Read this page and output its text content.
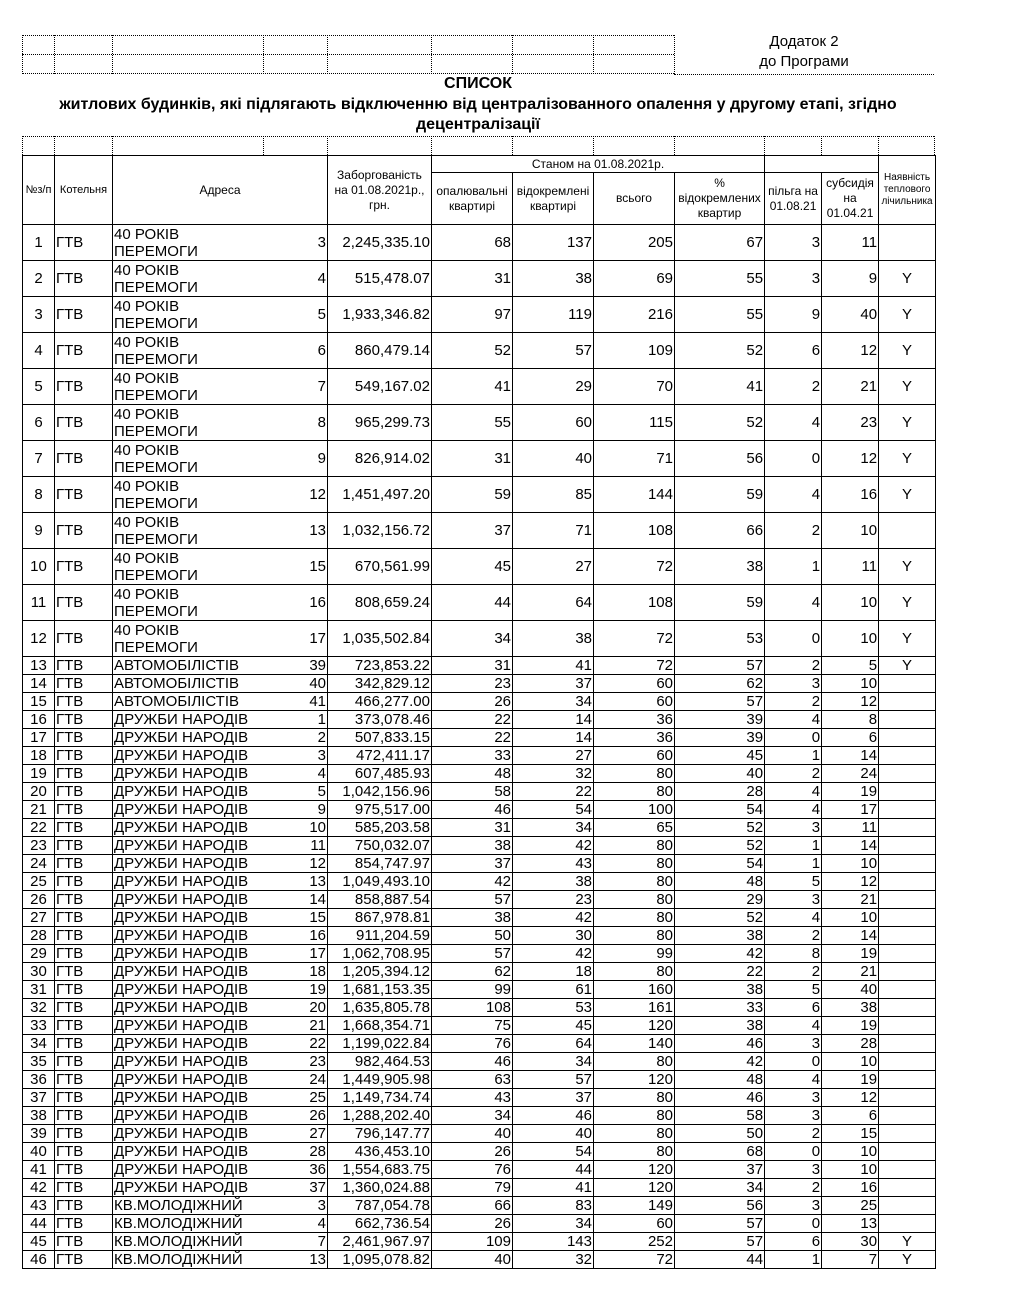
Додаток 2
до Програми
СПИСОК
житлових будинків, які підлягають відключенню від централізованного опалення у другому етапі, згідно
децентралізації
№з/п	Котельня	Адреса		Заборгованість на 01.08.2021р., грн.	Станом на 01.08.2021р.						Наявність теплового лічильника
					опалювальні квартирі	відокремлені квартирі	всього	% відокремлених квартир	пільга на 01.08.21	субсидія на 01.04.21	
1	ГТВ	40 РОКІВ ПЕРЕМОГИ	3	2,245,335.10	68	137	205	67	3	11	
2	ГТВ	40 РОКІВ ПЕРЕМОГИ	4	515,478.07	31	38	69	55	3	9	Y
3	ГТВ	40 РОКІВ ПЕРЕМОГИ	5	1,933,346.82	97	119	216	55	9	40	Y
4	ГТВ	40 РОКІВ ПЕРЕМОГИ	6	860,479.14	52	57	109	52	6	12	Y
5	ГТВ	40 РОКІВ ПЕРЕМОГИ	7	549,167.02	41	29	70	41	2	21	Y
6	ГТВ	40 РОКІВ ПЕРЕМОГИ	8	965,299.73	55	60	115	52	4	23	Y
7	ГТВ	40 РОКІВ ПЕРЕМОГИ	9	826,914.02	31	40	71	56	0	12	Y
8	ГТВ	40 РОКІВ ПЕРЕМОГИ	12	1,451,497.20	59	85	144	59	4	16	Y
9	ГТВ	40 РОКІВ ПЕРЕМОГИ	13	1,032,156.72	37	71	108	66	2	10	
10	ГТВ	40 РОКІВ ПЕРЕМОГИ	15	670,561.99	45	27	72	38	1	11	Y
11	ГТВ	40 РОКІВ ПЕРЕМОГИ	16	808,659.24	44	64	108	59	4	10	Y
12	ГТВ	40 РОКІВ ПЕРЕМОГИ	17	1,035,502.84	34	38	72	53	0	10	Y
13	ГТВ	АВТОМОБІЛІСТІВ	39	723,853.22	31	41	72	57	2	5	Y
14	ГТВ	АВТОМОБІЛІСТІВ	40	342,829.12	23	37	60	62	3	10	
15	ГТВ	АВТОМОБІЛІСТІВ	41	466,277.00	26	34	60	57	2	12	
16	ГТВ	ДРУЖБИ НАРОДІВ	1	373,078.46	22	14	36	39	4	8	
17	ГТВ	ДРУЖБИ НАРОДІВ	2	507,833.15	22	14	36	39	0	6	
18	ГТВ	ДРУЖБИ НАРОДІВ	3	472,411.17	33	27	60	45	1	14	
19	ГТВ	ДРУЖБИ НАРОДІВ	4	607,485.93	48	32	80	40	2	24	
20	ГТВ	ДРУЖБИ НАРОДІВ	5	1,042,156.96	58	22	80	28	4	19	
21	ГТВ	ДРУЖБИ НАРОДІВ	9	975,517.00	46	54	100	54	4	17	
22	ГТВ	ДРУЖБИ НАРОДІВ	10	585,203.58	31	34	65	52	3	11	
23	ГТВ	ДРУЖБИ НАРОДІВ	11	750,032.07	38	42	80	52	1	14	
24	ГТВ	ДРУЖБИ НАРОДІВ	12	854,747.97	37	43	80	54	1	10	
25	ГТВ	ДРУЖБИ НАРОДІВ	13	1,049,493.10	42	38	80	48	5	12	
26	ГТВ	ДРУЖБИ НАРОДІВ	14	858,887.54	57	23	80	29	3	21	
27	ГТВ	ДРУЖБИ НАРОДІВ	15	867,978.81	38	42	80	52	4	10	
28	ГТВ	ДРУЖБИ НАРОДІВ	16	911,204.59	50	30	80	38	2	14	
29	ГТВ	ДРУЖБИ НАРОДІВ	17	1,062,708.95	57	42	99	42	8	19	
30	ГТВ	ДРУЖБИ НАРОДІВ	18	1,205,394.12	62	18	80	22	2	21	
31	ГТВ	ДРУЖБИ НАРОДІВ	19	1,681,153.35	99	61	160	38	5	40	
32	ГТВ	ДРУЖБИ НАРОДІВ	20	1,635,805.78	108	53	161	33	6	38	
33	ГТВ	ДРУЖБИ НАРОДІВ	21	1,668,354.71	75	45	120	38	4	19	
34	ГТВ	ДРУЖБИ НАРОДІВ	22	1,199,022.84	76	64	140	46	3	28	
35	ГТВ	ДРУЖБИ НАРОДІВ	23	982,464.53	46	34	80	42	0	10	
36	ГТВ	ДРУЖБИ НАРОДІВ	24	1,449,905.98	63	57	120	48	4	19	
37	ГТВ	ДРУЖБИ НАРОДІВ	25	1,149,734.74	43	37	80	46	3	12	
38	ГТВ	ДРУЖБИ НАРОДІВ	26	1,288,202.40	34	46	80	58	3	6	
39	ГТВ	ДРУЖБИ НАРОДІВ	27	796,147.77	40	40	80	50	2	15	
40	ГТВ	ДРУЖБИ НАРОДІВ	28	436,453.10	26	54	80	68	0	10	
41	ГТВ	ДРУЖБИ НАРОДІВ	36	1,554,683.75	76	44	120	37	3	10	
42	ГТВ	ДРУЖБИ НАРОДІВ	37	1,360,024.88	79	41	120	34	2	16	
43	ГТВ	КВ.МОЛОДІЖНИЙ	3	787,054.78	66	83	149	56	3	25	
44	ГТВ	КВ.МОЛОДІЖНИЙ	4	662,736.54	26	34	60	57	0	13	
45	ГТВ	КВ.МОЛОДІЖНИЙ	7	2,461,967.97	109	143	252	57	6	30	Y
46	ГТВ	КВ.МОЛОДІЖНИЙ	13	1,095,078.82	40	32	72	44	1	7	Y
